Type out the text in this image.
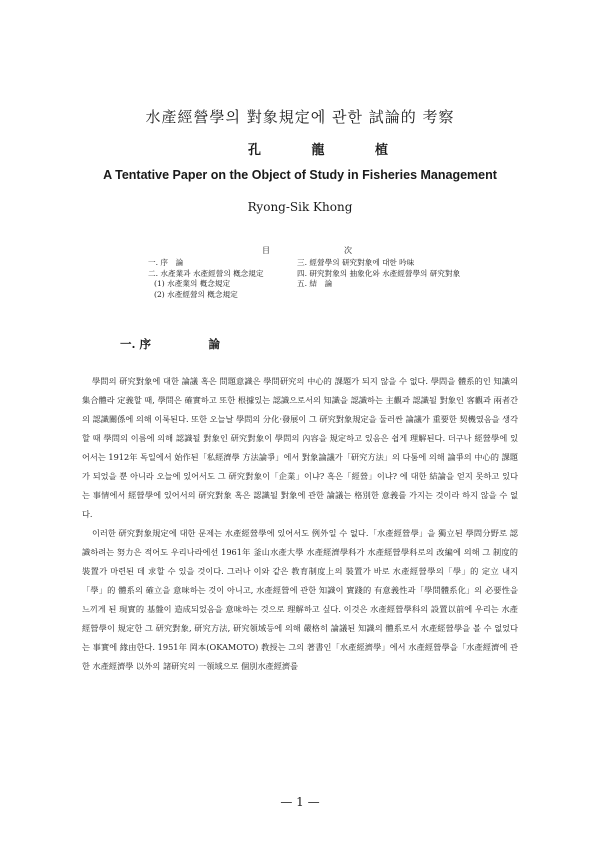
水產經營學의 對象規定에 관한 試論的 考察
孔	龍	植
A Tentative Paper on the Object of Study in Fisheries Management
Ryong-Sik Khong
目	次
一. 序　論
二. 水產業과 水產經營의 槪念規定
(1) 水產業의 槪念規定
(2) 水產經營의 槪念規定
三. 經營學의 研究對象에 대한 吟味
四. 研究對象의 抽象化와 水產經營學의 研究對象
五. 結　論
一. 序	論

學問의 研究對象에 대한 論議 혹은 問題意識은 學問研究의 中心的 課題가 되지 않을 수 없다. 學問을 體系的인 知識의 集合體라 定義할 때, 學問은 確實하고 또한 根據있는 認識으로서의 知識을 認識하는 主觀과 認識될 對象인 客觀과 兩者간의 認識關係에 의해 이룩된다. 또한 오늘날 學問의 分化·發展이 그 研究對象規定을 둘러싼 論議가 重要한 契機였음을 생각할 때 學問의 이름에 의해 認識될 對象인 研究對象이 學問의 內容을 規定하고 있음은 쉽게 理解된다. 더구나 經營學에 있어서는 1912年 독일에서 始作된「私經濟學 方法論爭」에서 對象論議가「研究方法」의 다툼에 의해 論爭의 中心的 課題가 되었을 뿐 아니라 오늘에 있어서도 그 研究對象이「企業」이냐? 혹은「經營」이냐? 에 대한 結論을 얻지 못하고 있다는 事情에서 經營學에 있어서의 研究對象 혹은 認識될 對象에 관한 論議는 格別한 意義를 가지는 것이라 하지 않을 수 없다.

이러한 研究對象規定에 대한 문제는 水產經營學에 있어서도 例外일 수 없다.「水產經營學」을 獨立된 學問分野로 認識하려는 努力은 적어도 우리나라에선 1961年 釜山水產大學 水產經濟學科가 水產經營學科로의 改編에 의해 그 制度的 裝置가 마련된 데 求할 수 있을 것이다. 그러나 이와 같은 教育制度上의 裝置가 바로 水產經營學의「學」的 定立 내지「學」的 體系의 確立을 意味하는 것이 아니고, 水產經營에 관한 知識이 實踐的 有意義性과「學問體系化」의 必要性을 느끼게 된 現實的 基盤이 造成되었음을 意味하는 것으로 理解하고 싶다. 이것은 水產經營學科의 設置以前에 우리는 水產經營學이 規定한 그 研究對象, 研究方法, 研究領域등에 의해 嚴格히 論議된 知識의 體系로서 水產經營學을 볼 수 없었다는 事實에 緣由한다. 1951年 岡本(OKAMOTO) 教授는 그의 著書인「水產經濟學」에서 水產經營學을「水產經濟에 관한 水產經濟學 以外의 諸研究의 一領域으로 個別水產經濟를

— 1 —
